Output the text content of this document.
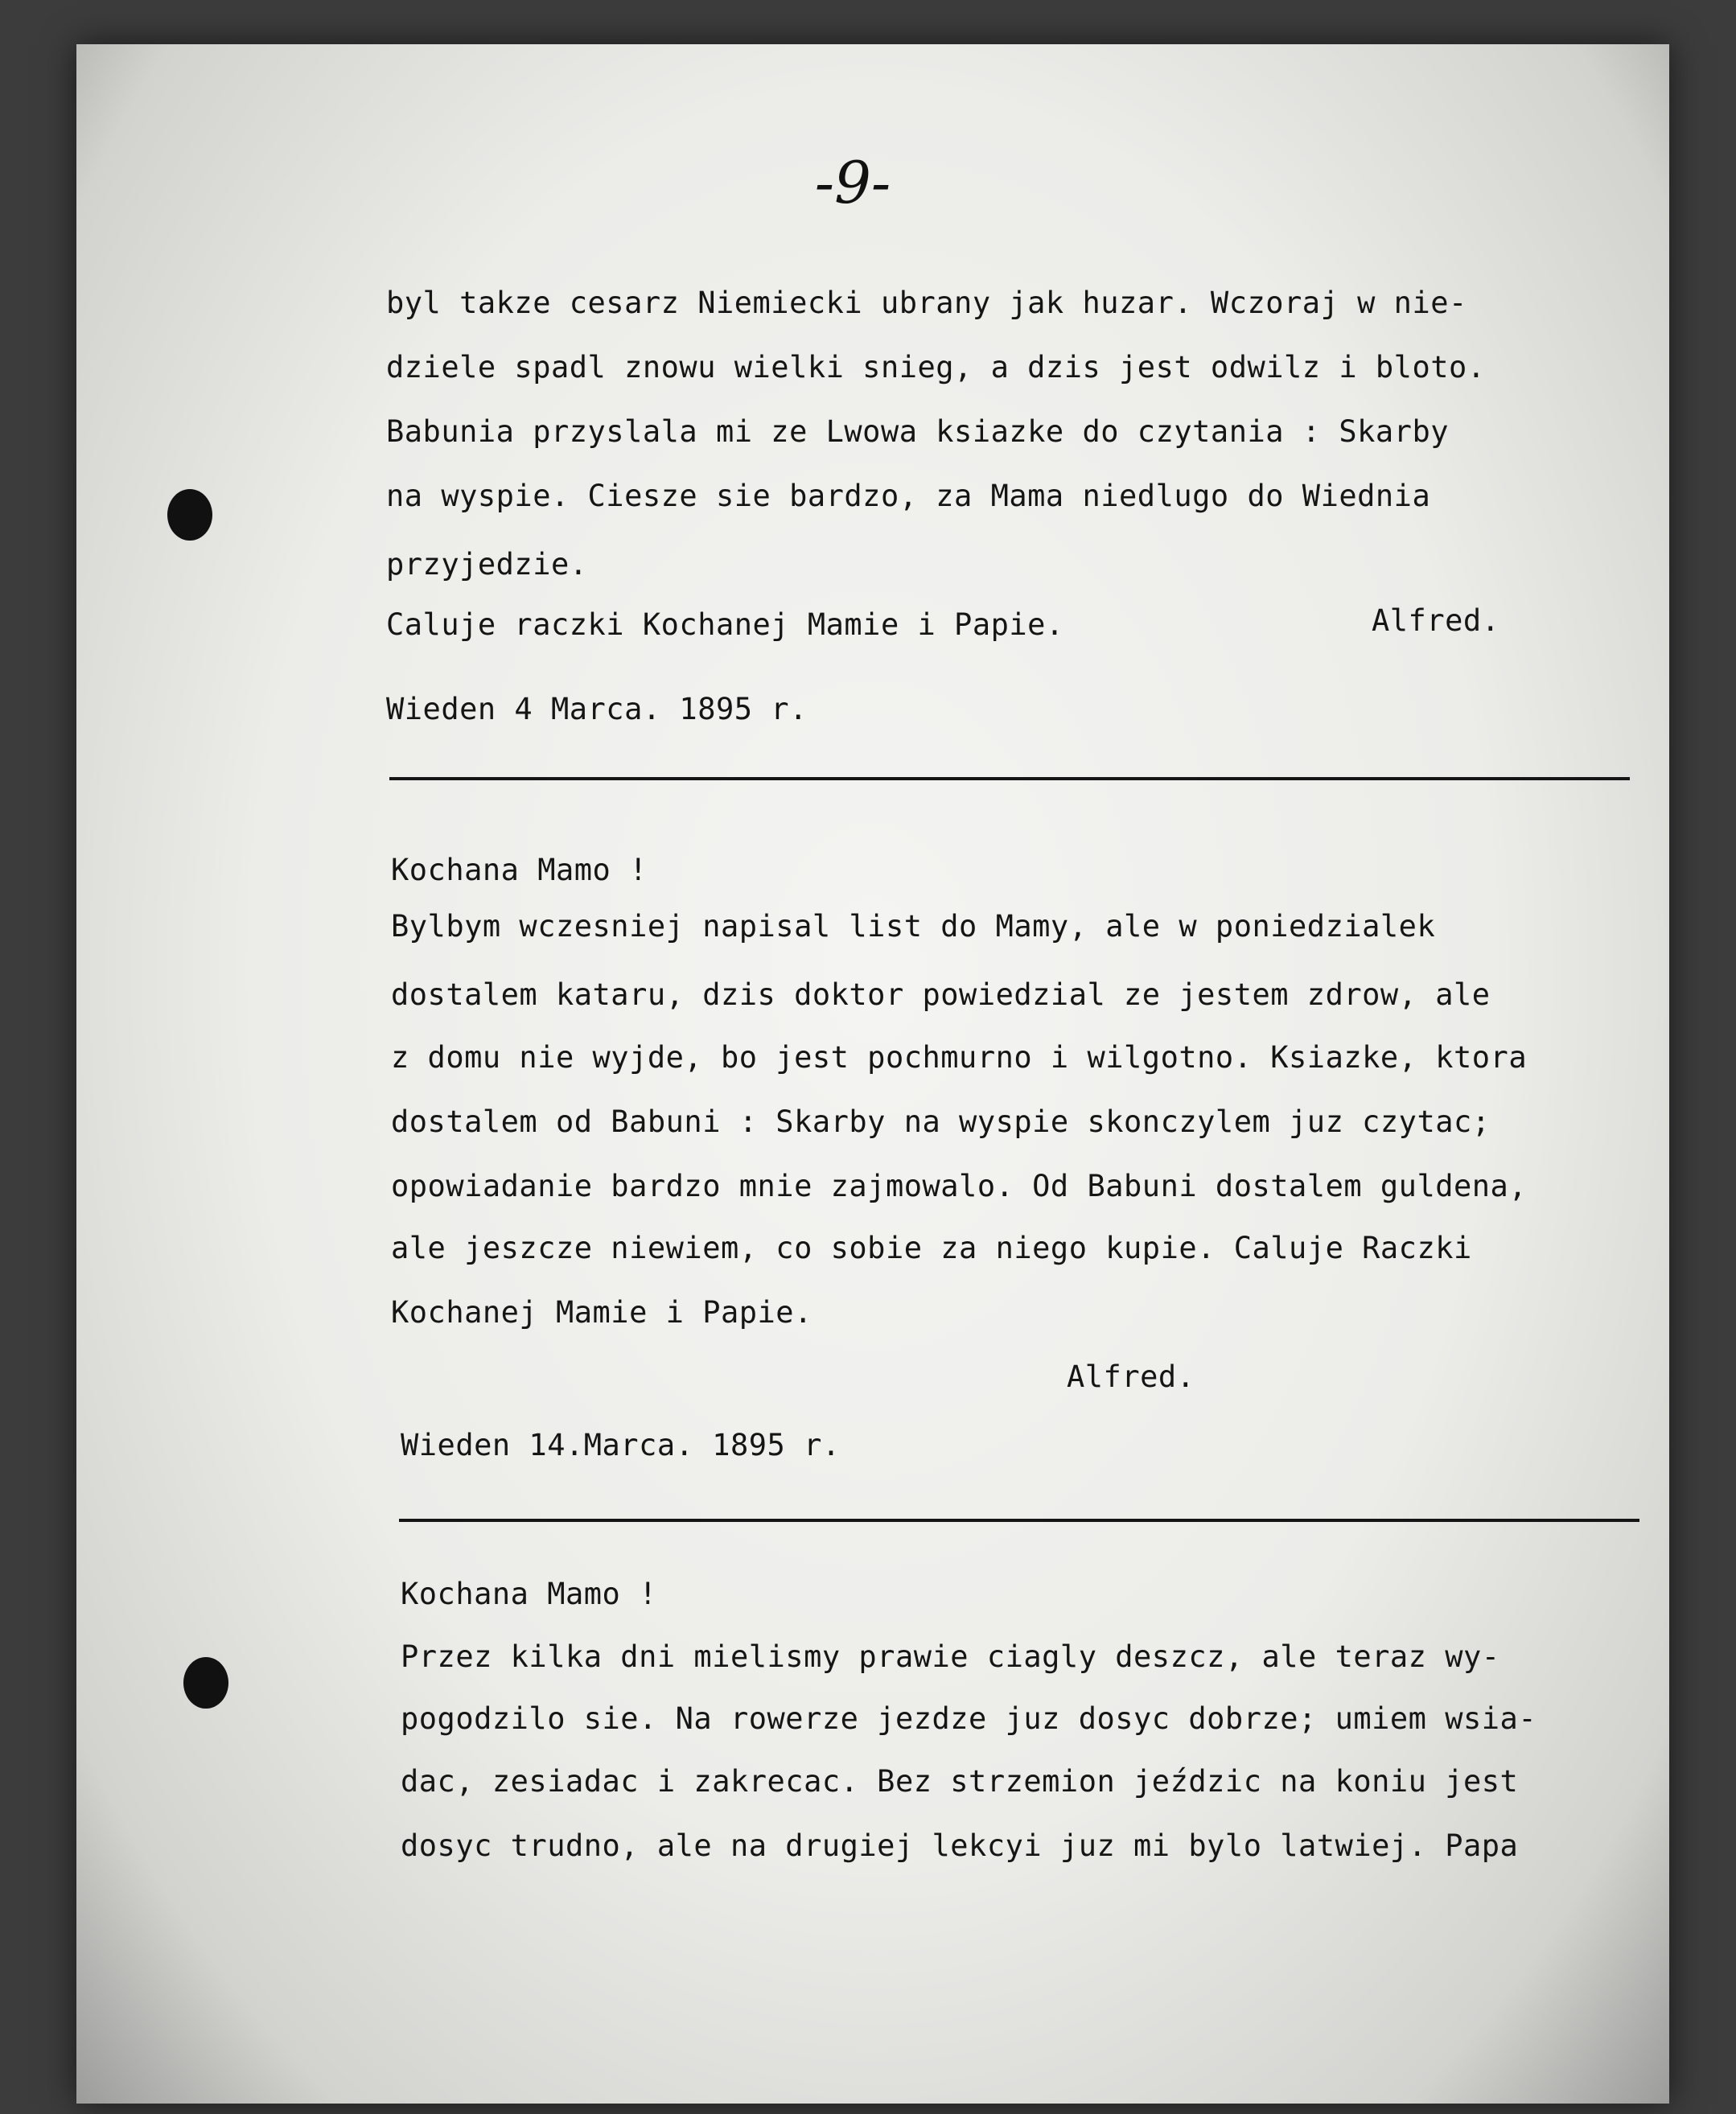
-9-
byl takze cesarz Niemiecki ubrany jak huzar. Wczoraj w nie-
dziele spadl znowu wielki snieg, a dzis jest odwilz i bloto.
Babunia przyslala mi ze Lwowa ksiazke do czytania : Skarby
na wyspie. Ciesze sie bardzo, za Mama niedlugo do Wiednia
przyjedzie.
Caluje raczki Kochanej Mamie i Papie.	Alfred.
Wieden 4 Marca. 1895 r.
Kochana Mamo !
Bylbym wczesniej napisal list do Mamy, ale w poniedzialek
dostalem kataru, dzis doktor powiedzial ze jestem zdrow, ale
z domu nie wyjde, bo jest pochmurno i wilgotno. Ksiazke, ktora
dostalem od Babuni : Skarby na wyspie skonczylem juz czytac;
opowiadanie bardzo mnie zajmowalo. Od Babuni dostalem guldena,
ale jeszcze niewiem, co sobie za niego kupie. Caluje Raczki
Kochanej Mamie i Papie.
Alfred.
Wieden 14.Marca. 1895 r.
Kochana Mamo !
Przez kilka dni mielismy prawie ciagly deszcz, ale teraz wy-
pogodzilo sie. Na rowerze jezdze juz dosyc dobrze; umiem wsia-
dac, zesiadac i zakrecac. Bez strzemion jeździc na koniu jest
dosyc trudno, ale na drugiej lekcyi juz mi bylo latwiej. Papa
